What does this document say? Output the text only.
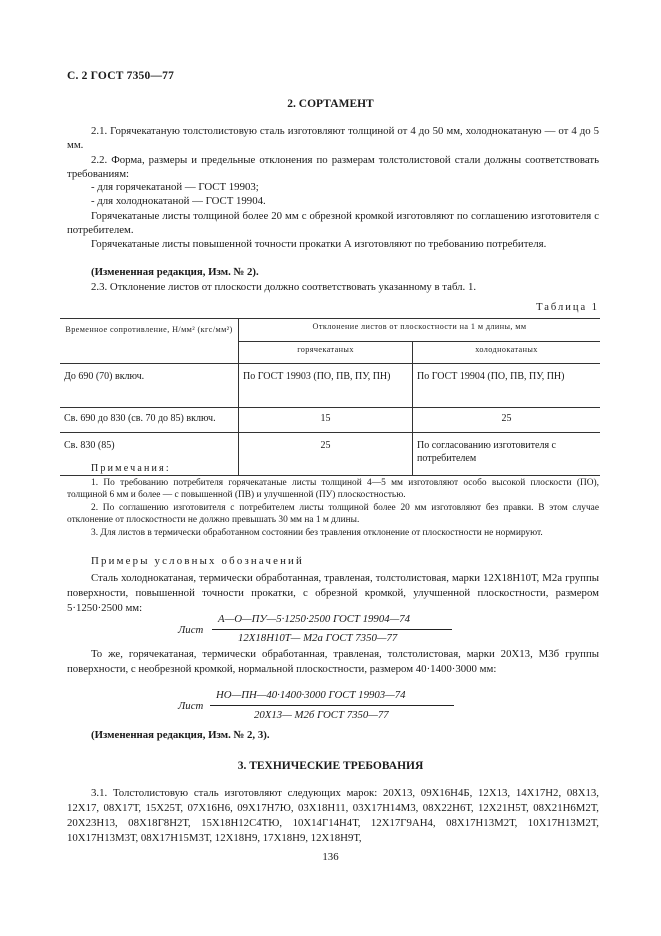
С. 2 ГОСТ 7350—77
2. СОРТАМЕНТ
2.1. Горячекатаную толстолистовую сталь изготовляют толщиной от 4 до 50 мм, холоднокатаную — от 4 до 5 мм.
2.2. Форма, размеры и предельные отклонения по размерам толстолистовой стали должны соответствовать требованиям:
- для горячекатаной — ГОСТ 19903;
- для холоднокатаной — ГОСТ 19904.
Горячекатаные листы толщиной более 20 мм с обрезной кромкой изготовляют по соглашению изготовителя с потребителем.
Горячекатаные листы повышенной точности прокатки А изготовляют по требованию потребителя.
(Измененная редакция, Изм. № 2).
2.3. Отклонение листов от плоскости должно соответствовать указанному в табл. 1.
Таблица 1
Временное сопротивление, Н/мм² (кгс/мм²)	Отклонение листов от плоскостности на 1 м длины, мм	

	горячекатаных	холоднокатаных

До 690 (70) включ.	По ГОСТ 19903 (ПО, ПВ, ПУ, ПН)	По ГОСТ 19904 (ПО, ПВ, ПУ, ПН)

Св. 690 до 830 (св. 70 до 85) включ.	15	25

Св. 830 (85)	25	По согласованию изготовителя с потребителем
Примечания:
1. По требованию потребителя горячекатаные листы толщиной 4—5 мм изготовляют особо высокой плоскости (ПО), толщиной 6 мм и более — с повышенной (ПВ) и улучшенной (ПУ) плоскостностью.
2. По соглашению изготовителя с потребителем листы толщиной более 20 мм изготовляют без правки. В этом случае отклонение от плоскостности не должно превышать 30 мм на 1 м длины.
3. Для листов в термически обработанном состоянии без травления отклонение от плоскостности не нормируют.
Примеры условных обозначений
Сталь холоднокатаная, термически обработанная, травленая, толстолистовая, марки 12Х18Н10Т, М2а группы поверхности, повышенной точности прокатки, с обрезной кромкой, улучшенной плоскостности, размером 5·1250·2500 мм:
Лист
А—О—ПУ—5·1250·2500 ГОСТ 19904—74
12Х18Н10Т— М2а ГОСТ 7350—77
То же, горячекатаная, термически обработанная, травленая, толстолистовая, марки 20Х13, М3б группы поверхности, с необрезной кромкой, нормальной плоскостности, размером 40·1400·3000 мм:
Лист
НО—ПН—40·1400·3000 ГОСТ 19903—74
20Х13— М2б ГОСТ 7350—77
(Измененная редакция, Изм. № 2, 3).
3. ТЕХНИЧЕСКИЕ ТРЕБОВАНИЯ
3.1. Толстолистовую сталь изготовляют следующих марок: 20Х13, 09Х16Н4Б, 12Х13, 14Х17Н2, 08Х13, 12Х17, 08Х17Т, 15Х25Т, 07Х16Н6, 09Х17Н7Ю, 03Х18Н11, 03Х17Н14М3, 08Х22Н6Т, 12Х21Н5Т, 08Х21Н6М2Т, 20Х23Н13, 08Х18Г8Н2Т, 15Х18Н12С4ТЮ, 10Х14Г14Н4Т, 12Х17Г9АН4, 08Х17Н13М2Т, 10Х17Н13М2Т, 10Х17Н13М3Т, 08Х17Н15М3Т, 12Х18Н9, 17Х18Н9, 12Х18Н9Т,
136
